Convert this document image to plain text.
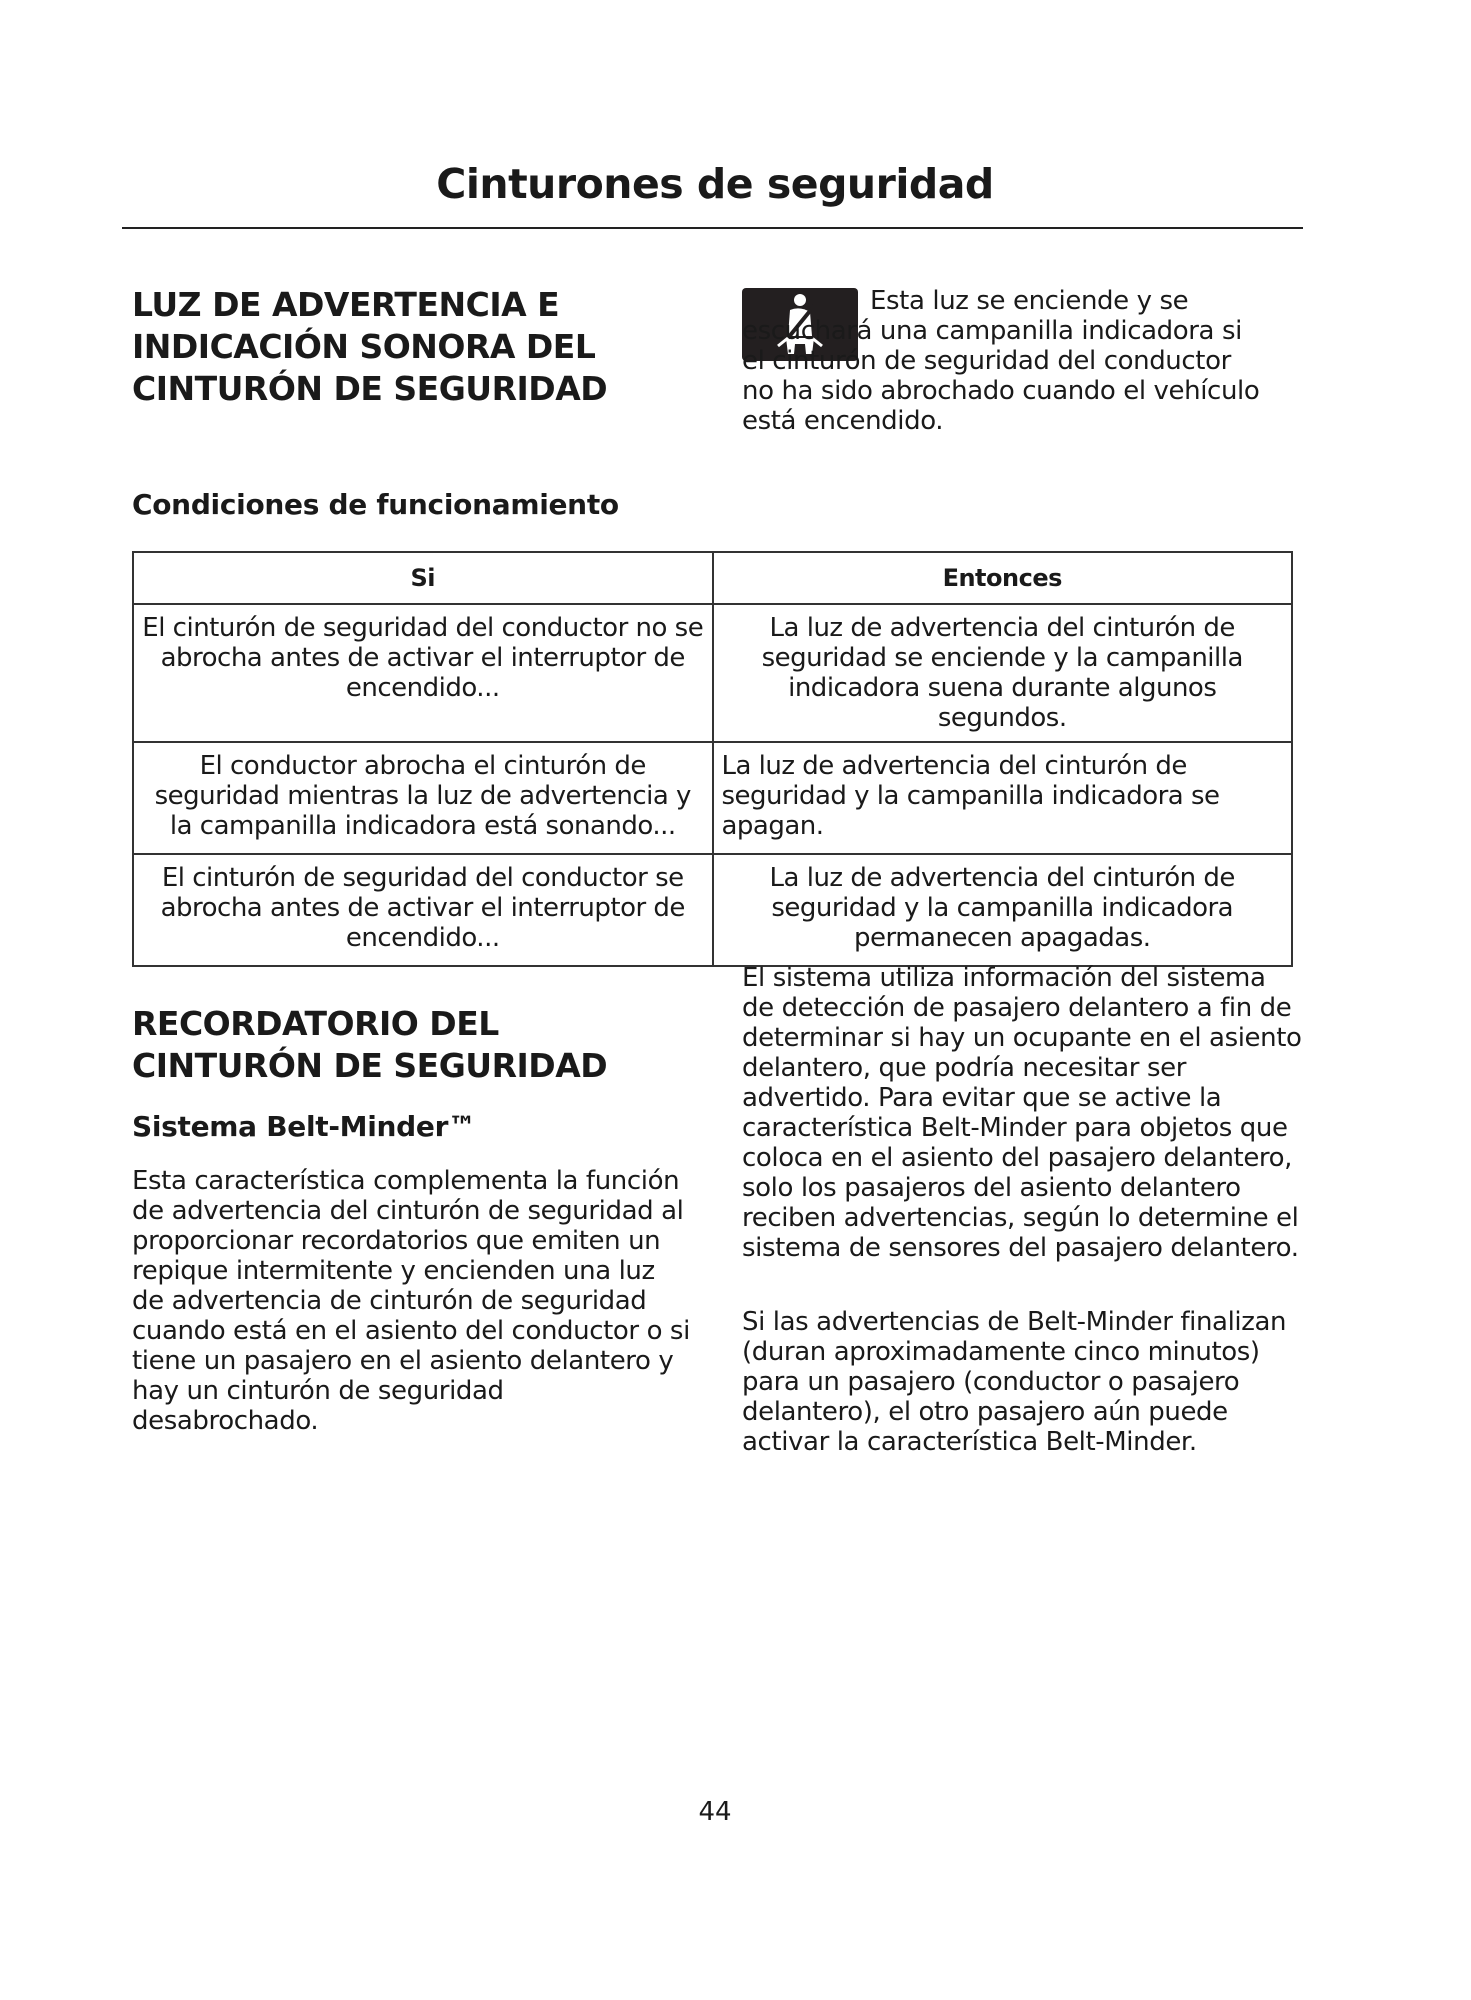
Cinturones de seguridad
LUZ DE ADVERTENCIA E INDICACIÓN SONORA DEL CINTURÓN DE SEGURIDAD

Esta luz se enciende y se escuchará una campanilla indicadora si el cinturón de seguridad del conductor no ha sido abrochado cuando el vehículo está encendido.

Condiciones de funcionamiento
Si	Entonces
El cinturón de seguridad del conductor no se abrocha antes de activar el interruptor de encendido...	La luz de advertencia del cinturón de seguridad se enciende y la campanilla indicadora suena durante algunos segundos.
El conductor abrocha el cinturón de seguridad mientras la luz de advertencia y la campanilla indicadora está sonando...	La luz de advertencia del cinturón de seguridad y la campanilla indicadora se apagan.
El cinturón de seguridad del conductor se abrocha antes de activar el interruptor de encendido...	La luz de advertencia del cinturón de seguridad y la campanilla indicadora permanecen apagadas.
RECORDATORIO DEL CINTURÓN DE SEGURIDAD
Sistema Belt-Minder™

Esta característica complementa la función de advertencia del cinturón de seguridad al proporcionar recordatorios que emiten un repique intermitente y encienden una luz de advertencia de cinturón de seguridad cuando está en el asiento del conductor o si tiene un pasajero en el asiento delantero y hay un cinturón de seguridad desabrochado.

El sistema utiliza información del sistema de detección de pasajero delantero a fin de determinar si hay un ocupante en el asiento delantero, que podría necesitar ser advertido. Para evitar que se active la característica Belt-Minder para objetos que coloca en el asiento del pasajero delantero, solo los pasajeros del asiento delantero reciben advertencias, según lo determine el sistema de sensores del pasajero delantero.

Si las advertencias de Belt-Minder finalizan (duran aproximadamente cinco minutos) para un pasajero (conductor o pasajero delantero), el otro pasajero aún puede activar la característica Belt-Minder.

44
